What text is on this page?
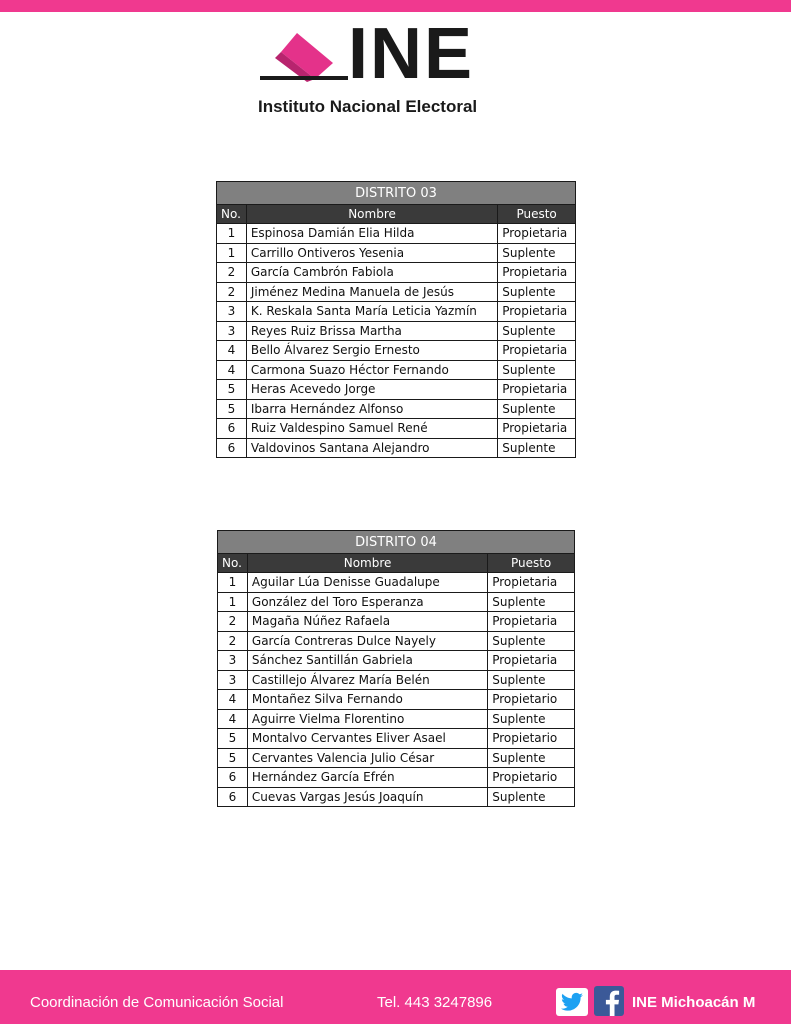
INE
Instituto Nacional Electoral
DISTRITO 03		
No.	Nombre	Puesto
1	Espinosa Damián Elia Hilda	Propietaria
1	Carrillo Ontiveros Yesenia	Suplente
2	García Cambrón Fabiola	Propietaria
2	Jiménez Medina Manuela de Jesús	Suplente
3	K. Reskala Santa María Leticia Yazmín	Propietaria
3	Reyes Ruiz Brissa Martha	Suplente
4	Bello Álvarez Sergio Ernesto	Propietaria
4	Carmona Suazo Héctor Fernando	Suplente
5	Heras Acevedo Jorge	Propietaria
5	Ibarra Hernández Alfonso	Suplente
6	Ruiz Valdespino Samuel René	Propietaria
6	Valdovinos Santana Alejandro	Suplente
DISTRITO 04		
No.	Nombre	Puesto
1	Aguilar Lúa Denisse Guadalupe	Propietaria
1	González del Toro Esperanza	Suplente
2	Magaña Núñez Rafaela	Propietaria
2	García Contreras Dulce Nayely	Suplente
3	Sánchez Santillán Gabriela	Propietaria
3	Castillejo Álvarez María Belén	Suplente
4	Montañez Silva Fernando	Propietario
4	Aguirre Vielma Florentino	Suplente
5	Montalvo Cervantes Eliver Asael	Propietario
5	Cervantes Valencia Julio César	Suplente
6	Hernández García Efrén	Propietario
6	Cuevas Vargas Jesús Joaquín	Suplente
Coordinación de Comunicación Social	Tel. 443 3247896	INE Michoacán M
